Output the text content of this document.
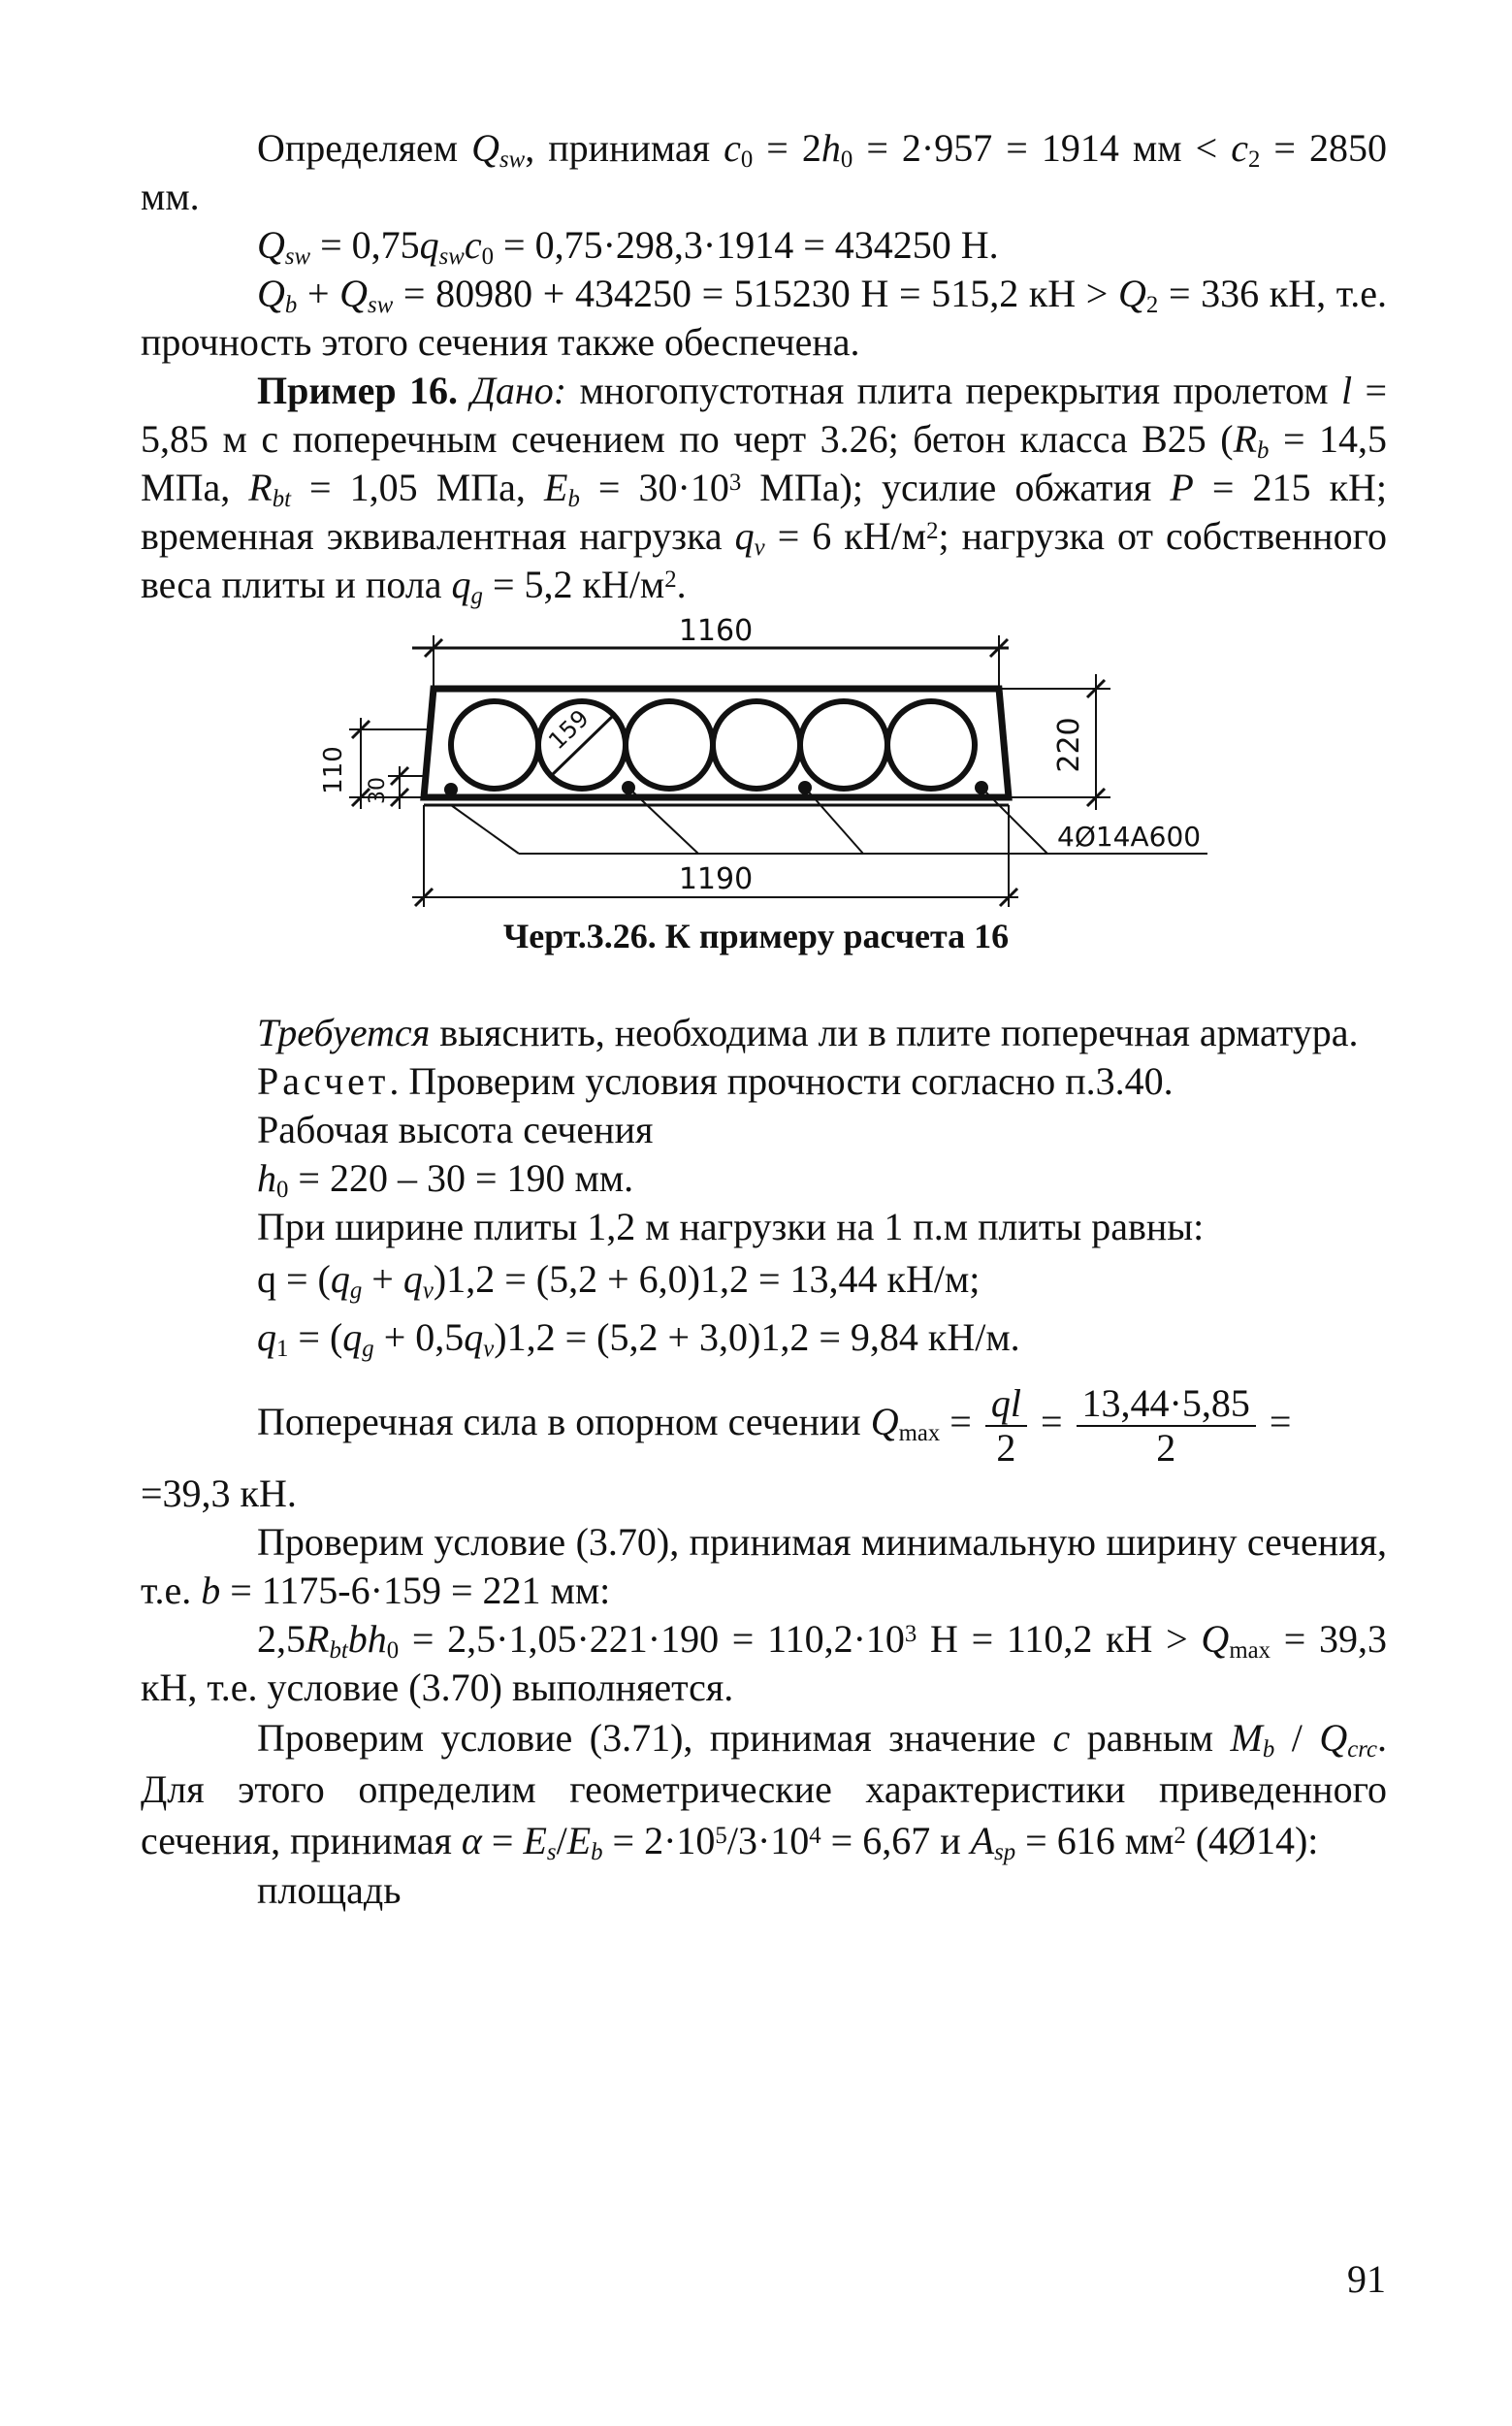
Определяем $Q_{sw}$, принимая $c_0 = 2h_0 = 2\cdot 957 = 1914$ мм < $c_2 = 2850$ мм.

$Q_{sw} = 0,75q_{sw}c_0 = 0,75\cdot 298,3\cdot 1914 = 434250$ Н.

$Q_b + Q_{sw} = 80980 + 434250 = 515230$ Н = 515,2 кН > $Q_2 = 336$ кН, т.е. прочность этого сечения также обеспечена.

Пример 16. Дано: многопустотная плита перекрытия пролетом l = 5,85 м с поперечным сечением по черт 3.26; бетон класса В25 ($R_b = 14,5$ МПа, $R_{bt} = 1,05$ МПа, $E_b = 30\cdot 10^3$ МПа); усилие обжатия P = 215 кН; временная эквивалентная нагрузка $q_v = 6$ $кН/м^2$; нагрузка от собственного веса плиты и пола $q_g = 5,2$ $кН/м^2$.

1160
1190
220
110 30
159
4Ø14А600
Черт.3.26. К примеру расчета 16

Требуется выяснить, необходима ли в плите поперечная арматура.

Расчет. Проверим условия прочности согласно п.3.40.

Рабочая высота сечения

$h_0 = 220 - 30 = 190$ мм.

При ширине плиты 1,2 м нагрузки на 1 п.м плиты равны:

$q = (q_g + q_v)1,2 = (5,2 + 6,0)1,2 = 13,44$ кН/м;

$q_1 = (q_g + 0,5q_v)1,2 = (5,2 + 3,0)1,2 = 9,84$ кН/м.

Поперечная сила в опорном сечении $Q_{max} = \frac{ql}{2} = \frac{13,44\cdot 5,85}{2}$ =

=39,3 кН.

Проверим условие (3.70), принимая минимальную ширину сечения, т.е. b = 1175-6·159 = 221 мм:

$2,5R_{bt}bh_0 = 2,5\cdot 1,05\cdot 221\cdot 190 = 110,2\cdot 10^3$ Н = 110,2 кН > $Q_{max} = 39,3$ кН, т.е. условие (3.70) выполняется.

Проверим условие (3.71), принимая значение c равным $M_b / Q_{crc}$. Для этого определим геометрические характеристики приведенного сечения, принимая $\alpha = E_s/E_b = 2\cdot 10^5/3\cdot 10^4 = 6,67$ и $A_{sp} = 616$ $мм^2$ (4Ø14):

площадь

91
